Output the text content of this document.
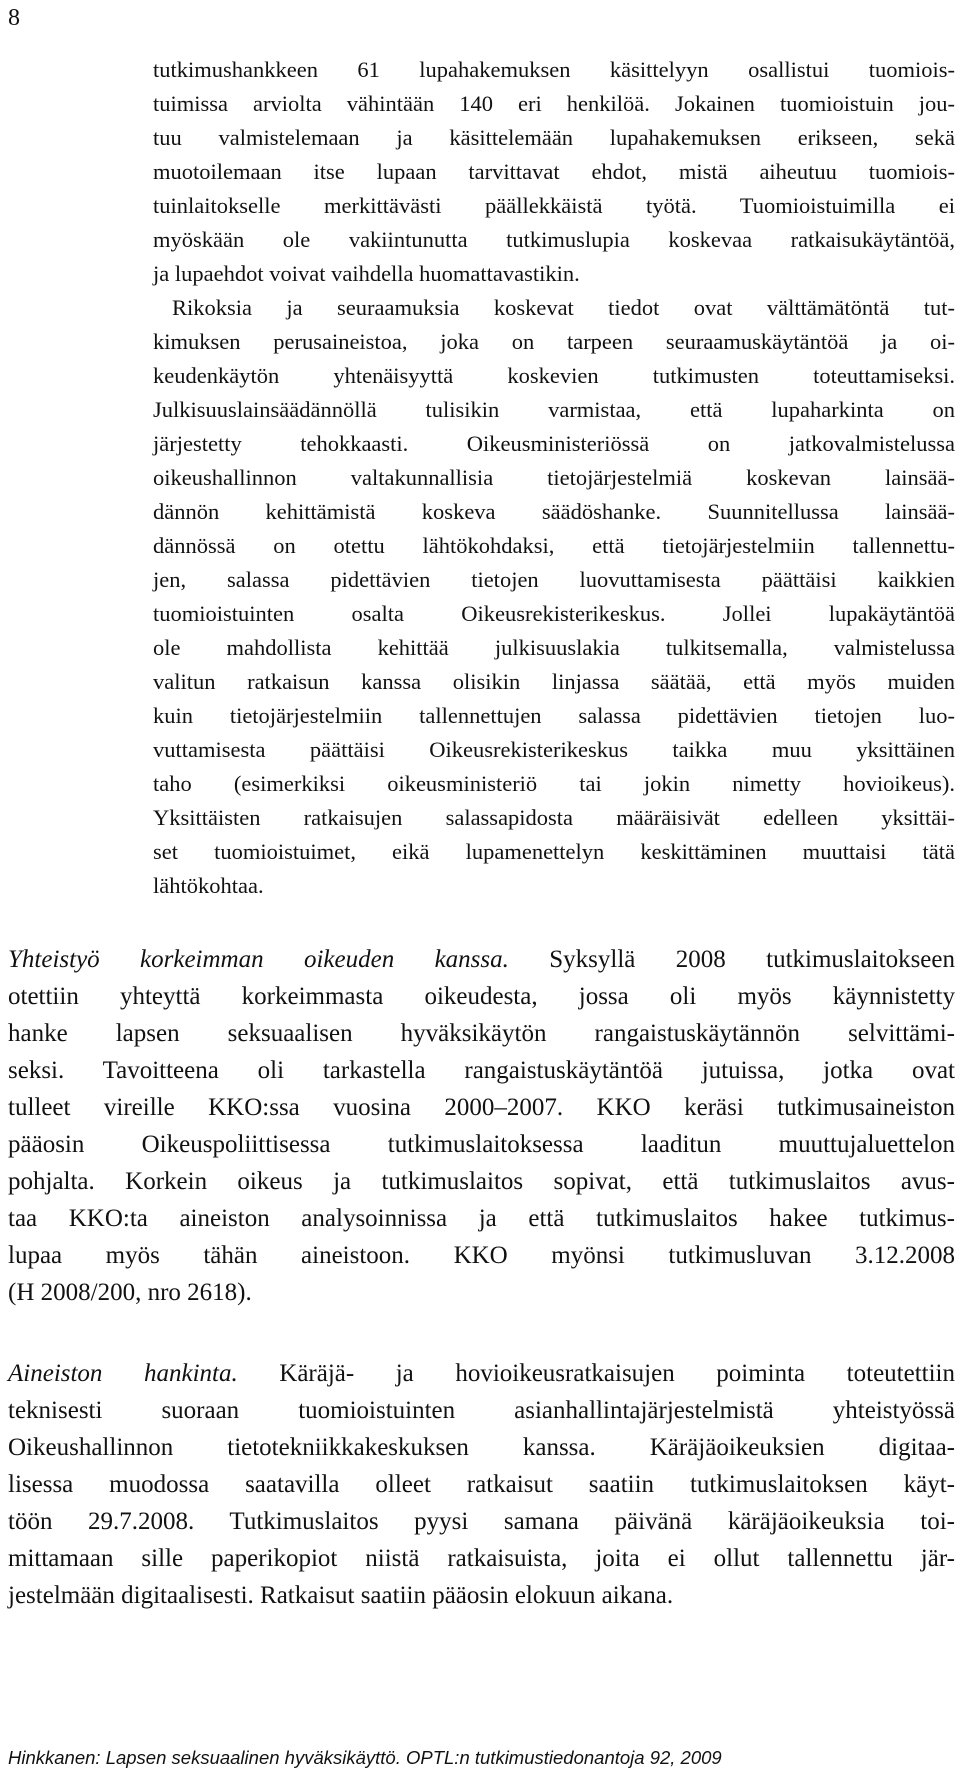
8
tutkimushankkeen 61 lupahakemuksen käsittelyyn osallistui tuomiois-
tuimissa arviolta vähintään 140 eri henkilöä. Jokainen tuomioistuin jou-
tuu valmistelemaan ja käsittelemään lupahakemuksen erikseen, sekä
muotoilemaan itse lupaan tarvittavat ehdot, mistä aiheutuu tuomiois-
tuinlaitokselle merkittävästi päällekkäistä työtä. Tuomioistuimilla ei
myöskään ole vakiintunutta tutkimuslupia koskevaa ratkaisukäytäntöä,
ja lupaehdot voivat vaihdella huomattavastikin.
Rikoksia ja seuraamuksia koskevat tiedot ovat välttämätöntä tut-
kimuksen perusaineistoa, joka on tarpeen seuraamuskäytäntöä ja oi-
keudenkäytön yhtenäisyyttä koskevien tutkimusten toteuttamiseksi.
Julkisuuslainsäädännöllä tulisikin varmistaa, että lupaharkinta on
järjestetty tehokkaasti. Oikeusministeriössä on jatkovalmistelussa
oikeushallinnon valtakunnallisia tietojärjestelmiä koskevan lainsää-
dännön kehittämistä koskeva säädöshanke. Suunnitellussa lainsää-
dännössä on otettu lähtökohdaksi, että tietojärjestelmiin tallennettu-
jen, salassa pidettävien tietojen luovuttamisesta päättäisi kaikkien
tuomioistuinten osalta Oikeusrekisterikeskus. Jollei lupakäytäntöä
ole mahdollista kehittää julkisuuslakia tulkitsemalla, valmistelussa
valitun ratkaisun kanssa olisikin linjassa säätää, että myös muiden
kuin tietojärjestelmiin tallennettujen salassa pidettävien tietojen luo-
vuttamisesta päättäisi Oikeusrekisterikeskus taikka muu yksittäinen
taho (esimerkiksi oikeusministeriö tai jokin nimetty hovioikeus).
Yksittäisten ratkaisujen salassapidosta määräisivät edelleen yksittäi-
set tuomioistuimet, eikä lupamenettelyn keskittäminen muuttaisi tätä
lähtökohtaa.
Yhteistyö korkeimman oikeuden kanssa. Syksyllä 2008 tutkimuslaitokseen
otettiin yhteyttä korkeimmasta oikeudesta, jossa oli myös käynnistetty
hanke lapsen seksuaalisen hyväksikäytön rangaistuskäytännön selvittämi-
seksi. Tavoitteena oli tarkastella rangaistuskäytäntöä jutuissa, jotka ovat
tulleet vireille KKO:ssa vuosina 2000–2007. KKO keräsi tutkimusaineiston
pääosin Oikeuspoliittisessa tutkimuslaitoksessa laaditun muuttujaluettelon
pohjalta. Korkein oikeus ja tutkimuslaitos sopivat, että tutkimuslaitos avus-
taa KKO:ta aineiston analysoinnissa ja että tutkimuslaitos hakee tutkimus-
lupaa myös tähän aineistoon. KKO myönsi tutkimusluvan 3.12.2008
(H 2008/200, nro 2618).
Aineiston hankinta. Käräjä- ja hovioikeusratkaisujen poiminta toteutettiin
teknisesti suoraan tuomioistuinten asianhallintajärjestelmistä yhteistyössä
Oikeushallinnon tietotekniikkakeskuksen kanssa. Käräjäoikeuksien digitaa-
lisessa muodossa saatavilla olleet ratkaisut saatiin tutkimuslaitoksen käyt-
töön 29.7.2008. Tutkimuslaitos pyysi samana päivänä käräjäoikeuksia toi-
mittamaan sille paperikopiot niistä ratkaisuista, joita ei ollut tallennettu jär-
jestelmään digitaalisesti. Ratkaisut saatiin pääosin elokuun aikana.
Hinkkanen: Lapsen seksuaalinen hyväksikäyttö. OPTL:n tutkimustiedonantoja 92, 2009
